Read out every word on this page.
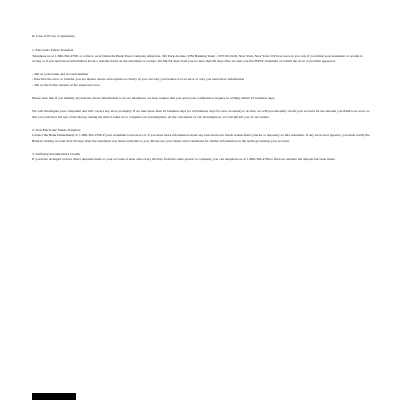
In Case of Errors or Questions
1. Electronic Funds Transfers
Telephone us at 1-866-362-4796; or write to us at Deutsche Bank Trust Company Americas, 345 Park Avenue, WM Banking Team - NYC20-0102, New York, New York 10154 as soon as you can, if you think your statement or receipt is wrong or if you need more information about a transfer listed on the statement or receipt. We MUST hear from you no later than 60 days after we sent you the FIRST statement on which the error or problem appeared.
- Tell us your name and account number
- Describe the error or transfer you are unsure about, and explain as clearly as you can why you believe it is an error or why you need more information
- Tell us the dollar amount of the suspected error
Please note that if you initially provide the above information to us via telephone, we may require that you send your complaint or inquiry in writing within 10 business days.
We will investigate your complaint and will correct any error promptly. If we take more than 10 business days (or 20 business days for new accounts) to do this, we will provisionally credit your account for the amount you think is in error, so that you will have the use of the money during the time it takes us to complete our investigation. At the conclusion of our investigation, we will inform you of our results.
2. Non-Electronic Funds Transfers
Contact the Bank immediately at 1-866-362-4796 if your statement is incorrect or if you need more information about any non-electronic funds transactions (checks or deposits) on this statement. If any such error appears, you must notify the Bank in writing no later than 30 days after the statement was made available to you. Please see your Terms and Conditions for further information on the terms governing your account.
3. Verifying Preauthorized Credits
If you have arranged to have direct deposits made to your account at least once every 60 days from the same person or company, you can telephone us at 1-866-362-4796 to find out whether the deposit has been made.
